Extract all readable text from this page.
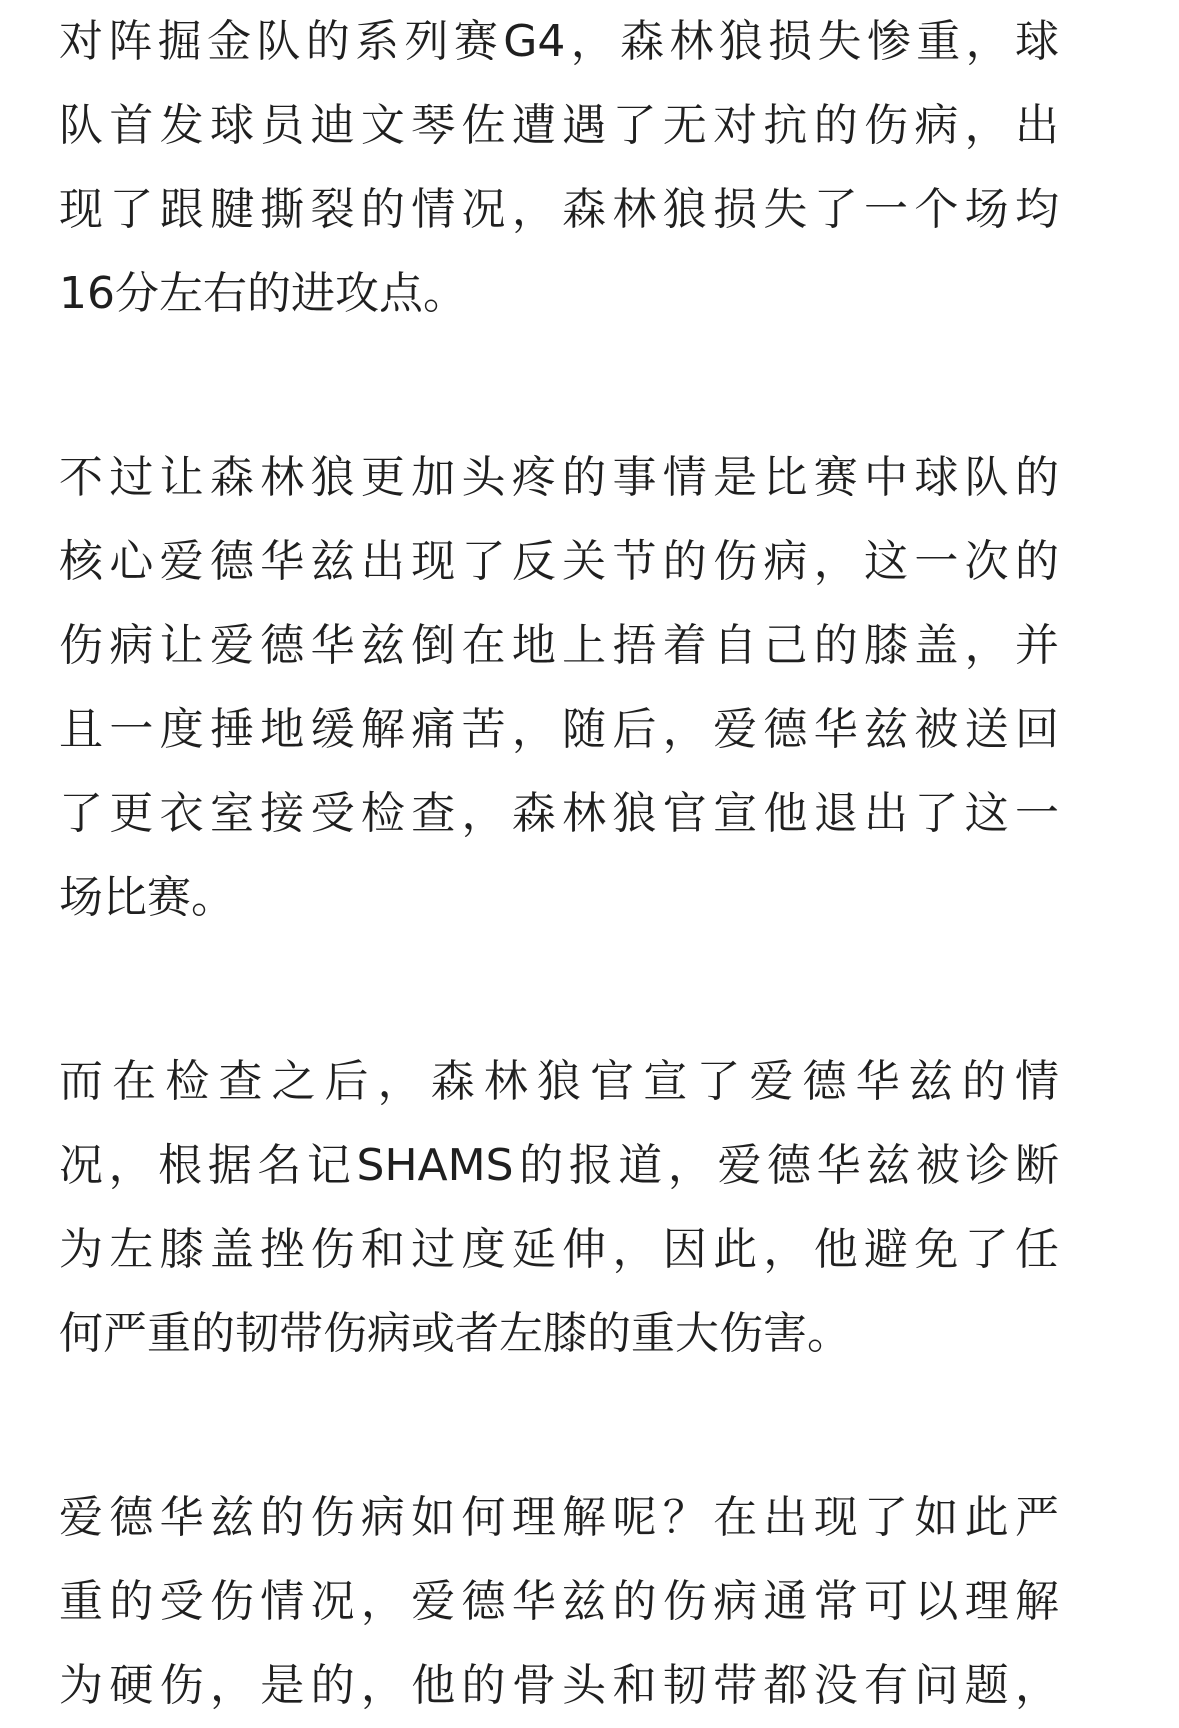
对阵掘金队的系列赛G4，森林狼损失惨重，球
队首发球员迪文琴佐遭遇了无对抗的伤病，出
现了跟腱撕裂的情况，森林狼损失了一个场均
16分左右的进攻点。
不过让森林狼更加头疼的事情是比赛中球队的
核心爱德华兹出现了反关节的伤病，这一次的
伤病让爱德华兹倒在地上捂着自己的膝盖，并
且一度捶地缓解痛苦，随后，爱德华兹被送回
了更衣室接受检查，森林狼官宣他退出了这一
场比赛。
而在检查之后，森林狼官宣了爱德华兹的情
况，根据名记SHAMS的报道，爱德华兹被诊断
为左膝盖挫伤和过度延伸，因此，他避免了任
何严重的韧带伤病或者左膝的重大伤害。
爱德华兹的伤病如何理解呢？在出现了如此严
重的受伤情况，爱德华兹的伤病通常可以理解
为硬伤，是的，他的骨头和韧带都没有问题，
